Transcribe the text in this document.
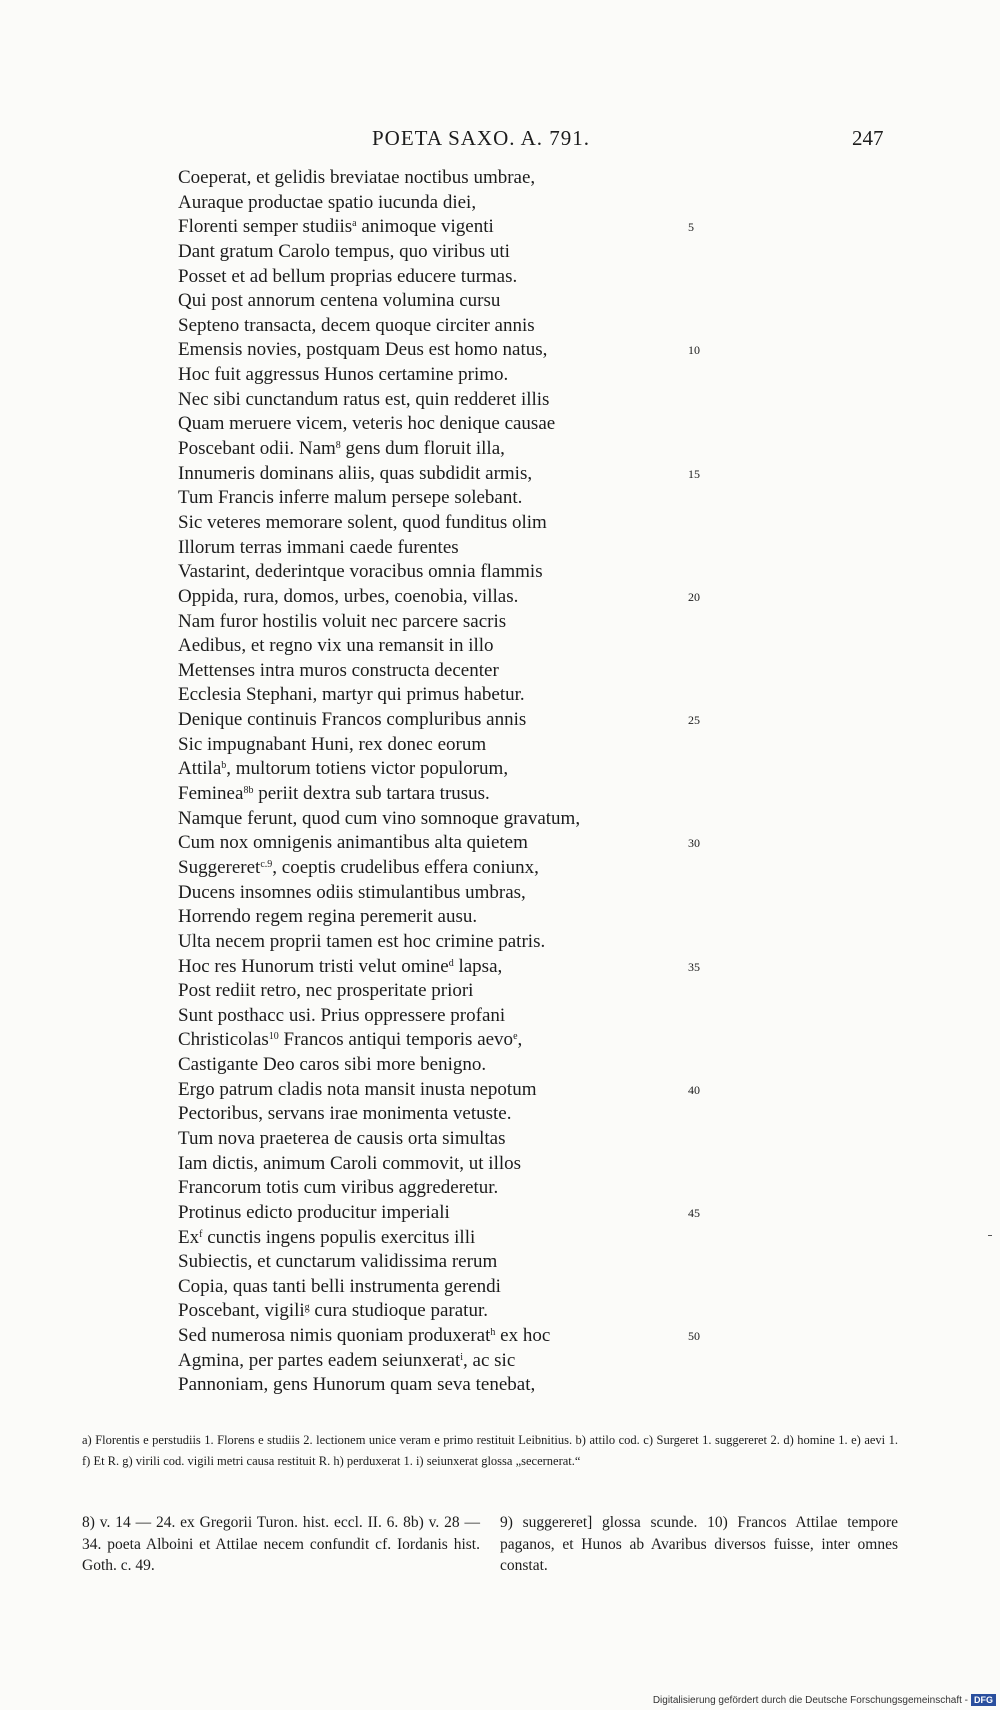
POETA SAXO. A. 791.	247
Coeperat, et gelidis breviatae noctibus umbrae,
Auraque productae spatio iucunda diei,
Florenti semper studiis$^a$ animoque vigenti	5
Dant gratum Carolo tempus, quo viribus uti
Posset et ad bellum proprias educere turmas.
Qui post annorum centena volumina cursu
Septeno transacta, decem quoque circiter annis
Emensis novies, postquam Deus est homo natus,	10
Hoc fuit aggressus Hunos certamine primo.
Nec sibi cunctandum ratus est, quin redderet illis
Quam meruere vicem, veteris hoc denique causae
Poscebant odii. Nam$^8$ gens dum floruit illa,
Innumeris dominans aliis, quas subdidit armis,	15
Tum Francis inferre malum persepe solebant.
Sic veteres memorare solent, quod funditus olim
Illorum terras immani caede furentes
Vastarint, dederintque voracibus omnia flammis
Oppida, rura, domos, urbes, coenobia, villas.	20
Nam furor hostilis voluit nec parcere sacris
Aedibus, et regno vix una remansit in illo
Mettenses intra muros constructa decenter
Ecclesia Stephani, martyr qui primus habetur.
Denique continuis Francos compluribus annis	25
Sic impugnabant Huni, rex donec eorum
Attila$^b$, multorum totiens victor populorum,
Feminea$^{8b}$ periit dextra sub tartara trusus.
Namque ferunt, quod cum vino somnoque gravatum,
Cum nox omnigenis animantibus alta quietem	30
Suggereret$^{c.9}$, coeptis crudelibus effera coniunx,
Ducens insomnes odiis stimulantibus umbras,
Horrendo regem regina peremerit ausu.
Ulta necem proprii tamen est hoc crimine patris.
Hoc res Hunorum tristi velut omine$^d$ lapsa,	35
Post rediit retro, nec prosperitate priori
Sunt posthacc usi. Prius oppressere profani
Christicolas$^{10}$ Francos antiqui temporis aevo$^e$,
Castigante Deo caros sibi more benigno.
Ergo patrum cladis nota mansit inusta nepotum	40
Pectoribus, servans irae monimenta vetuste.
Tum nova praeterea de causis orta simultas
Iam dictis, animum Caroli commovit, ut illos
Francorum totis cum viribus aggrederetur.
Protinus edicto producitur imperiali	45
Ex$^f$ cunctis ingens populis exercitus illi
Subiectis, et cunctarum validissima rerum
Copia, quas tanti belli instrumenta gerendi
Poscebant, vigili$^g$ cura studioque paratur.
Sed numerosa nimis quoniam produxerat$^h$ ex hoc	50
Agmina, per partes eadem seiunxerat$^i$, ac sic
Pannoniam, gens Hunorum quam seva tenebat,

a) Florentis e perstudiis 1. Florens e studiis 2. lectionem unice veram e primo restituit Leibnitius. b) attilo cod. c) Surgeret 1. suggereret 2. d) homine 1. e) aevi 1. f) Et R. g) virili cod. vigili metri causa restituit R. h) perduxerat 1. i) seiunxerat glossa „secernerat.“

8) v. 14 — 24. ex Gregorii Turon. hist. eccl. II. 6. 8b) v. 28 — 34. poeta Alboini et Attilae necem confundit cf. Iordanis hist. Goth. c. 49.

9) suggereret] glossa scunde. 10) Francos Attilae tempore paganos, et Hunos ab Avaribus diversos fuisse, inter omnes constat.

Digitalisierung gefördert durch die Deutsche Forschungsgemeinschaft - DFG
